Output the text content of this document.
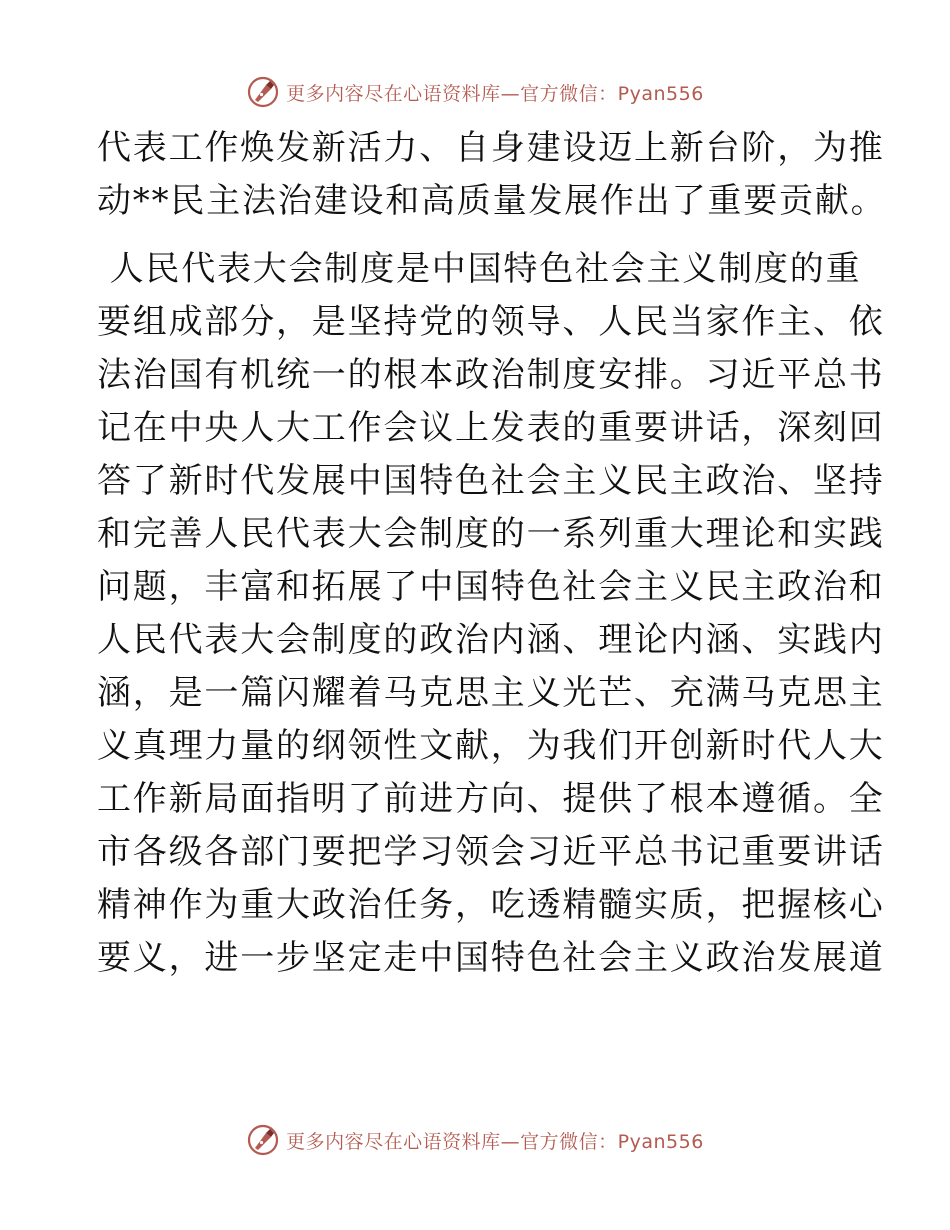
更多内容尽在心语资料库—官方微信：Pyan556
代表工作焕发新活力、自身建设迈上新台阶，为推
动**民主法治建设和高质量发展作出了重要贡献。
人民代表大会制度是中国特色社会主义制度的重
要组成部分，是坚持党的领导、人民当家作主、依
法治国有机统一的根本政治制度安排。习近平总书
记在中央人大工作会议上发表的重要讲话，深刻回
答了新时代发展中国特色社会主义民主政治、坚持
和完善人民代表大会制度的一系列重大理论和实践
问题，丰富和拓展了中国特色社会主义民主政治和
人民代表大会制度的政治内涵、理论内涵、实践内
涵，是一篇闪耀着马克思主义光芒、充满马克思主
义真理力量的纲领性文献，为我们开创新时代人大
工作新局面指明了前进方向、提供了根本遵循。全
市各级各部门要把学习领会习近平总书记重要讲话
精神作为重大政治任务，吃透精髓实质，把握核心
要义，进一步坚定走中国特色社会主义政治发展道
更多内容尽在心语资料库—官方微信：Pyan556
